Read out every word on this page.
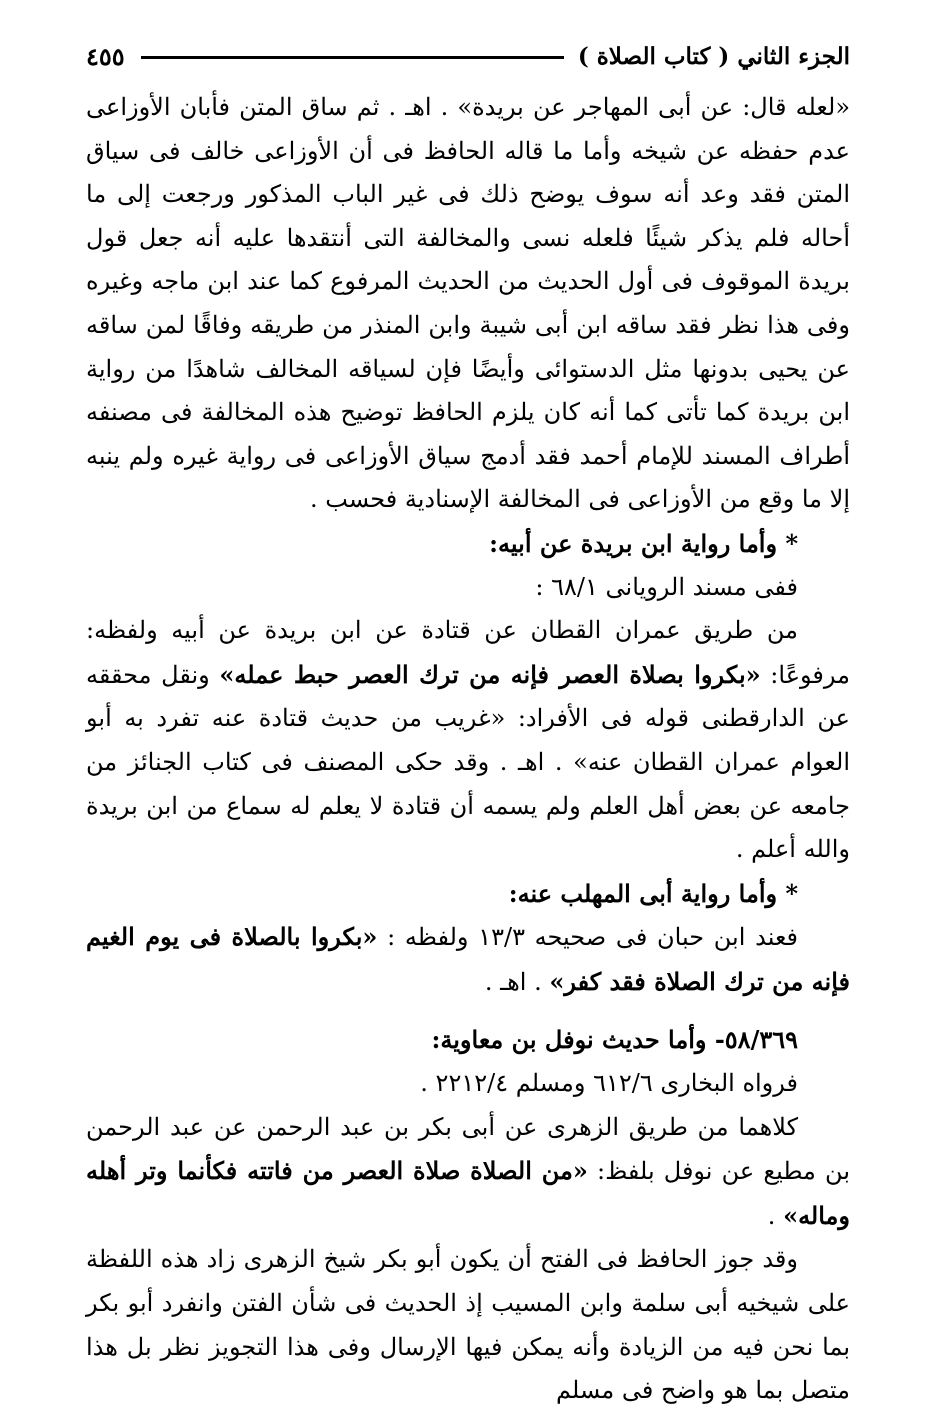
الجزء الثاني ( كتاب الصلاة )
٤٥٥

«لعله قال: عن أبى المهاجر عن بريدة» . اهـ . ثم ساق المتن فأبان الأوزاعى عدم حفظه عن شيخه وأما ما قاله الحافظ فى أن الأوزاعى خالف فى سياق المتن فقد وعد أنه سوف يوضح ذلك فى غير الباب المذكور ورجعت إلى ما أحاله فلم يذكر شيئًا فلعله نسى والمخالفة التى أنتقدها عليه أنه جعل قول بريدة الموقوف فى أول الحديث من الحديث المرفوع كما عند ابن ماجه وغيره وفى هذا نظر فقد ساقه ابن أبى شيبة وابن المنذر من طريقه وفاقًا لمن ساقه عن يحيى بدونها مثل الدستوائى وأيضًا فإن لسياقه المخالف شاهدًا من رواية ابن بريدة كما تأتى كما أنه كان يلزم الحافظ توضيح هذه المخالفة فى مصنفه أطراف المسند للإمام أحمد فقد أدمج سياق الأوزاعى فى رواية غيره ولم ينبه إلا ما وقع من الأوزاعى فى المخالفة الإسنادية فحسب .

* وأما رواية ابن بريدة عن أبيه:

ففى مسند الرويانى ٦٨/١ :

من طريق عمران القطان عن قتادة عن ابن بريدة عن أبيه ولفظه: مرفوعًا: «بكروا بصلاة العصر فإنه من ترك العصر حبط عمله» ونقل محققه عن الدارقطنى قوله فى الأفراد: «غريب من حديث قتادة عنه تفرد به أبو العوام عمران القطان عنه» . اهـ . وقد حكى المصنف فى كتاب الجنائز من جامعه عن بعض أهل العلم ولم يسمه أن قتادة لا يعلم له سماع من ابن بريدة والله أعلم .

* وأما رواية أبى المهلب عنه:

فعند ابن حبان فى صحيحه ١٣/٣ ولفظه : «بكروا بالصلاة فى يوم الغيم فإنه من ترك الصلاة فقد كفر» . اهـ .

٥٨/٣٦٩- وأما حديث نوفل بن معاوية:

فرواه البخارى ٦١٢/٦ ومسلم ٢٢١٢/٤ .

كلاهما من طريق الزهرى عن أبى بكر بن عبد الرحمن عن عبد الرحمن بن مطيع عن نوفل بلفظ: «من الصلاة صلاة العصر من فاتته فكأنما وتر أهله وماله» .

وقد جوز الحافظ فى الفتح أن يكون أبو بكر شيخ الزهرى زاد هذه اللفظة على شيخيه أبى سلمة وابن المسيب إذ الحديث فى شأن الفتن وانفرد أبو بكر بما نحن فيه من الزيادة وأنه يمكن فيها الإرسال وفى هذا التجويز نظر بل هذا متصل بما هو واضح فى مسلم
